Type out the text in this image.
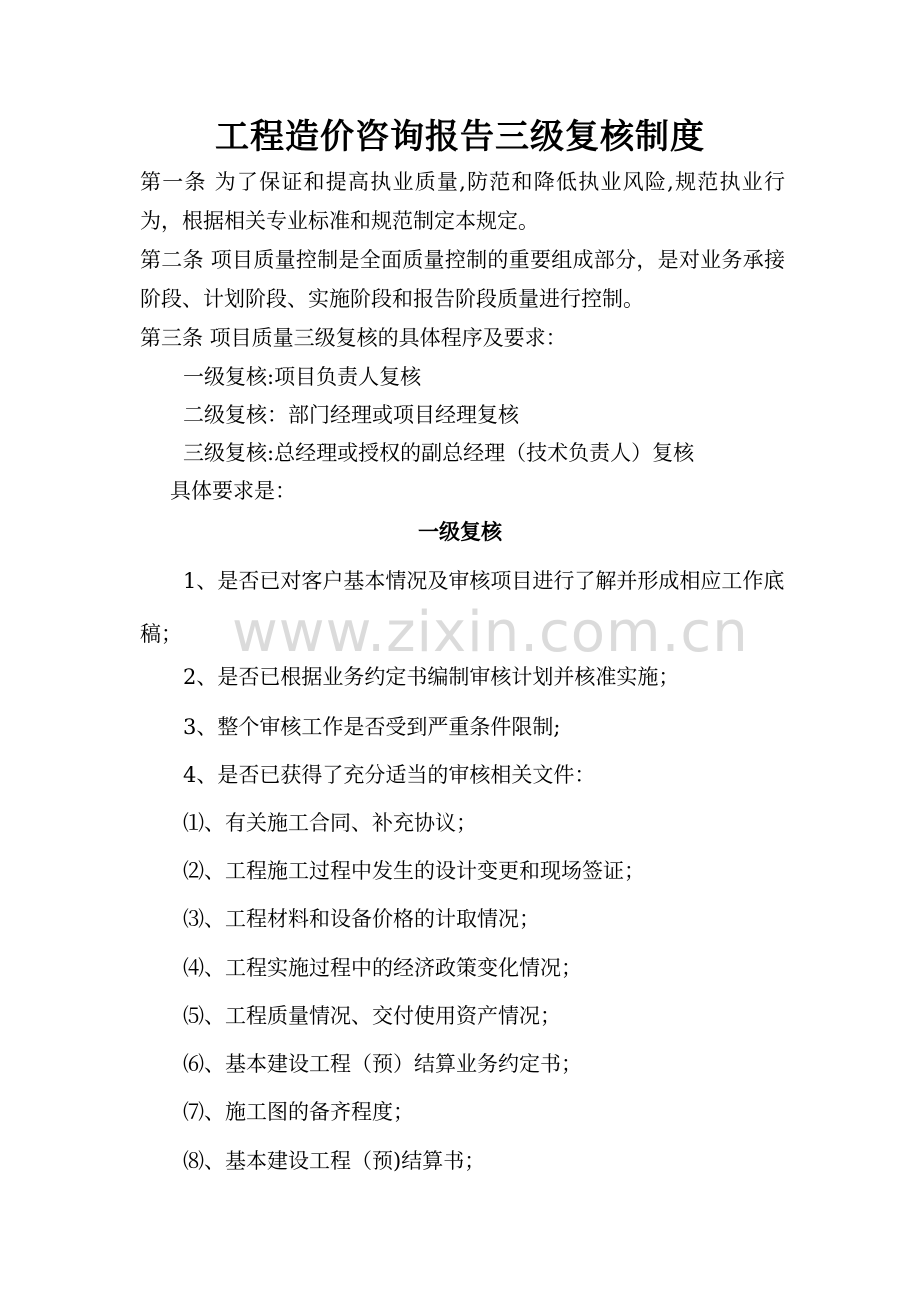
工程造价咨询报告三级复核制度

第一条 为了保证和提高执业质量,防范和降低执业风险,规范执业行为，根据相关专业标准和规范制定本规定。

第二条 项目质量控制是全面质量控制的重要组成部分，是对业务承接阶段、计划阶段、实施阶段和报告阶段质量进行控制。

第三条 项目质量三级复核的具体程序及要求：

一级复核:项目负责人复核

二级复核：部门经理或项目经理复核

三级复核:总经理或授权的副总经理（技术负责人）复核

具体要求是：

一级复核

1、是否已对客户基本情况及审核项目进行了解并形成相应工作底稿；

2、是否已根据业务约定书编制审核计划并核准实施；

3、整个审核工作是否受到严重条件限制;

4、是否已获得了充分适当的审核相关文件：

⑴、有关施工合同、补充协议；

⑵、工程施工过程中发生的设计变更和现场签证；

⑶、工程材料和设备价格的计取情况；

⑷、工程实施过程中的经济政策变化情况；

⑸、工程质量情况、交付使用资产情况；

⑹、基本建设工程（预）结算业务约定书；

⑺、施工图的备齐程度；

⑻、基本建设工程（预)结算书；

www.zixin.com.cn
